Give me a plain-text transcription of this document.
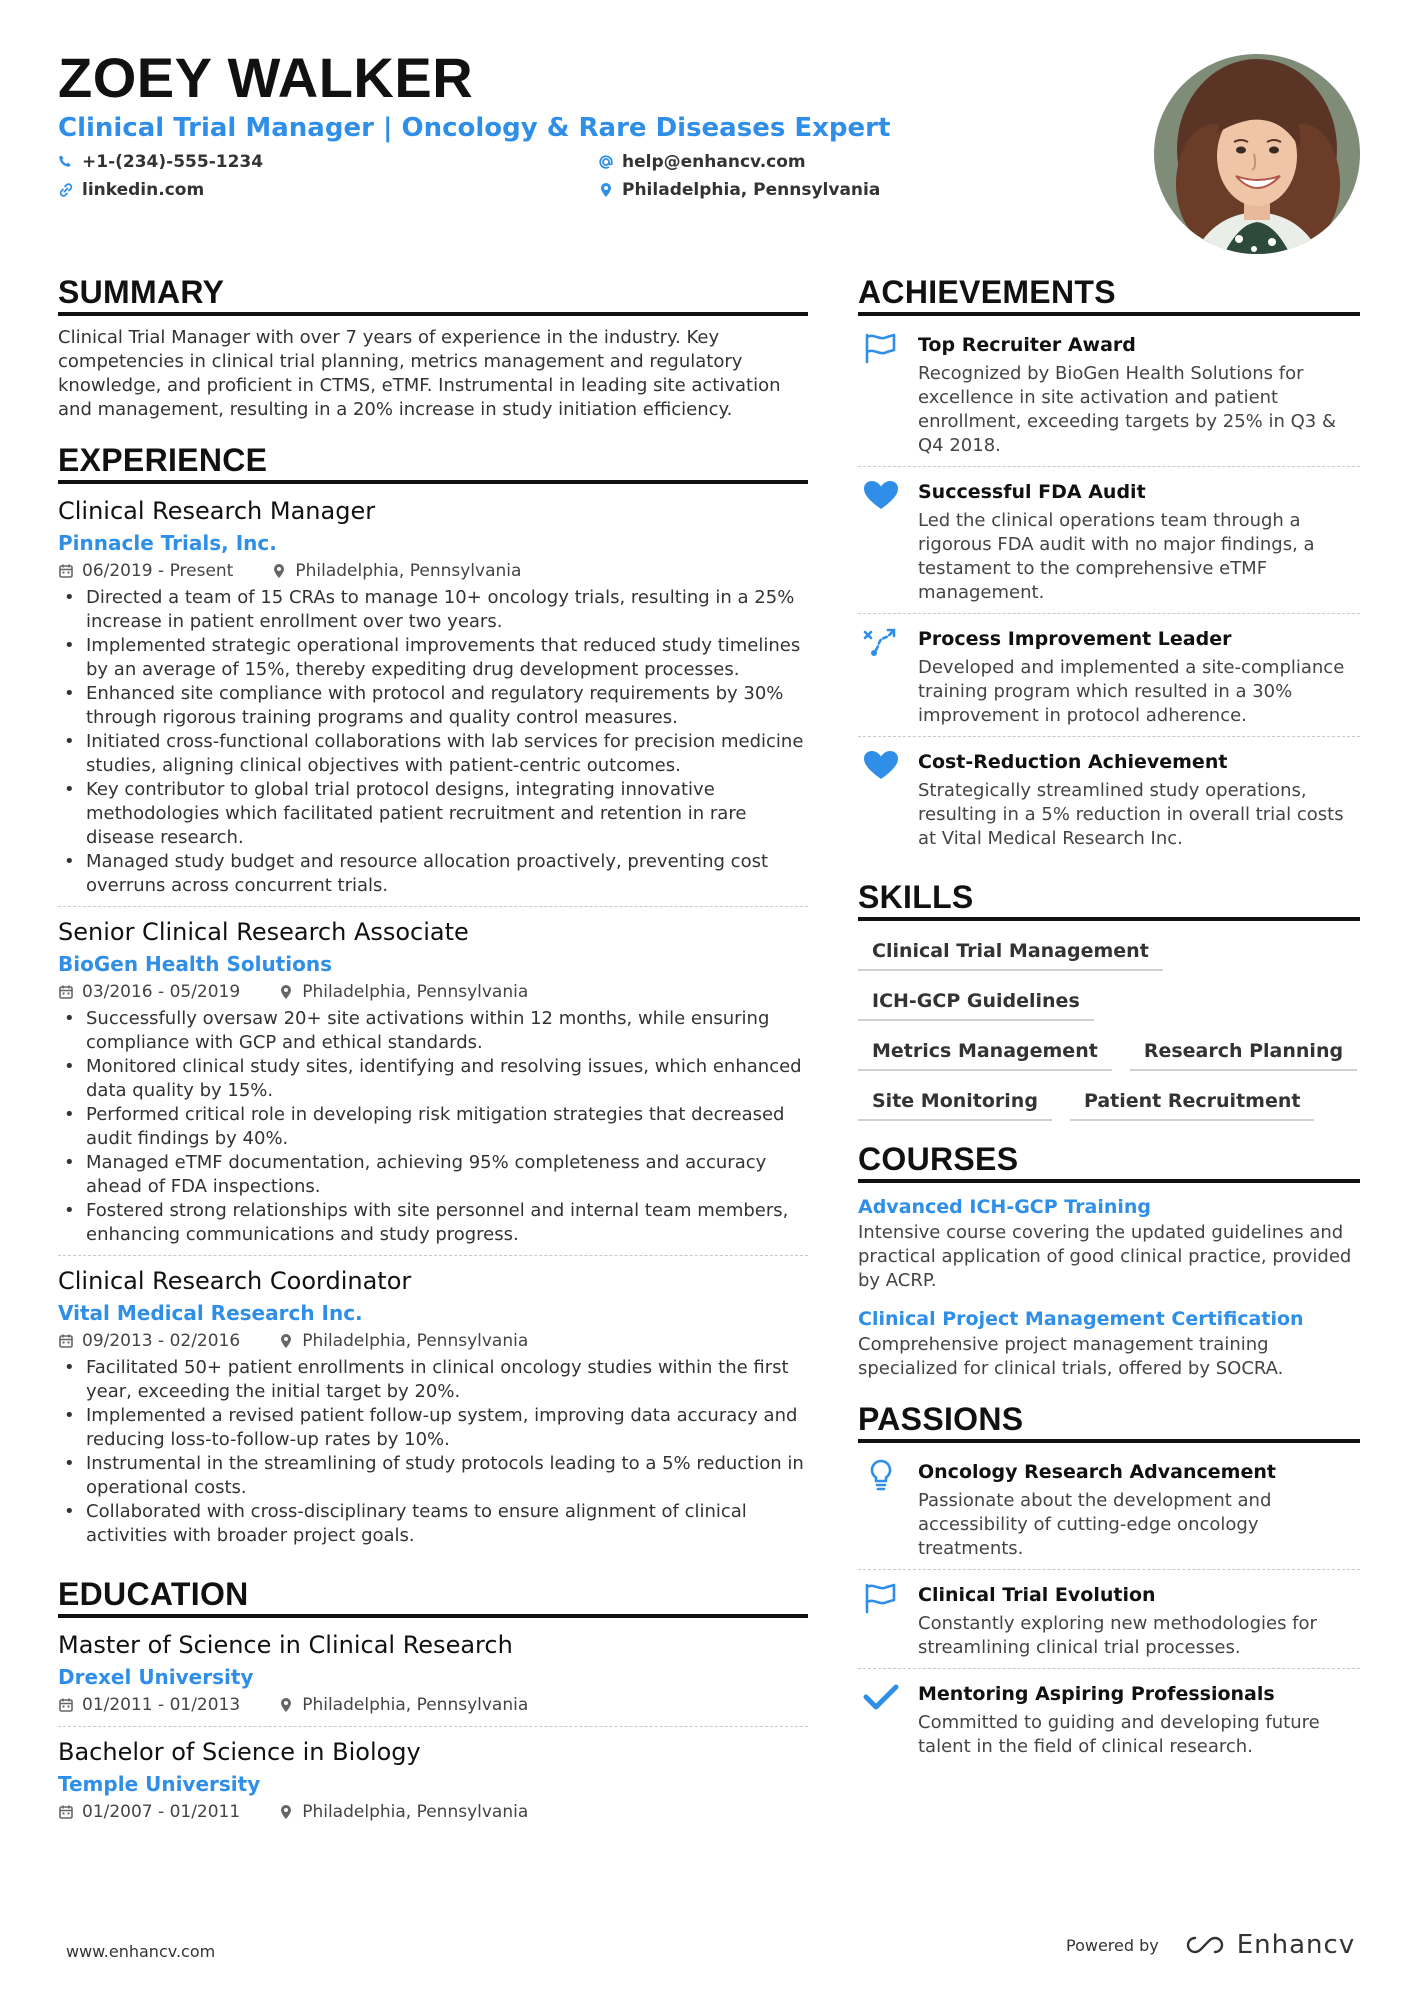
ZOEY WALKER
Clinical Trial Manager | Oncology & Rare Diseases Expert
+1-(234)-555-1234	help@enhancv.com
linkedin.com	Philadelphia, Pennsylvania
SUMMARY
Clinical Trial Manager with over 7 years of experience in the industry. Key competencies in clinical trial planning, metrics management and regulatory knowledge, and proficient in CTMS, eTMF. Instrumental in leading site activation and management, resulting in a 20% increase in study initiation efficiency.
EXPERIENCE
Clinical Research Manager
Pinnacle Trials, Inc.
06/2019 - Present	Philadelphia, Pennsylvania
• Directed a team of 15 CRAs to manage 10+ oncology trials, resulting in a 25% increase in patient enrollment over two years.
• Implemented strategic operational improvements that reduced study timelines by an average of 15%, thereby expediting drug development processes.
• Enhanced site compliance with protocol and regulatory requirements by 30% through rigorous training programs and quality control measures.
• Initiated cross-functional collaborations with lab services for precision medicine studies, aligning clinical objectives with patient-centric outcomes.
• Key contributor to global trial protocol designs, integrating innovative methodologies which facilitated patient recruitment and retention in rare disease research.
• Managed study budget and resource allocation proactively, preventing cost overruns across concurrent trials.
Senior Clinical Research Associate
BioGen Health Solutions
03/2016 - 05/2019	Philadelphia, Pennsylvania
• Successfully oversaw 20+ site activations within 12 months, while ensuring compliance with GCP and ethical standards.
• Monitored clinical study sites, identifying and resolving issues, which enhanced data quality by 15%.
• Performed critical role in developing risk mitigation strategies that decreased audit findings by 40%.
• Managed eTMF documentation, achieving 95% completeness and accuracy ahead of FDA inspections.
• Fostered strong relationships with site personnel and internal team members, enhancing communications and study progress.
Clinical Research Coordinator
Vital Medical Research Inc.
09/2013 - 02/2016	Philadelphia, Pennsylvania
• Facilitated 50+ patient enrollments in clinical oncology studies within the first year, exceeding the initial target by 20%.
• Implemented a revised patient follow-up system, improving data accuracy and reducing loss-to-follow-up rates by 10%.
• Instrumental in the streamlining of study protocols leading to a 5% reduction in operational costs.
• Collaborated with cross-disciplinary teams to ensure alignment of clinical activities with broader project goals.
EDUCATION
Master of Science in Clinical Research
Drexel University
01/2011 - 01/2013	Philadelphia, Pennsylvania
Bachelor of Science in Biology
Temple University
01/2007 - 01/2011	Philadelphia, Pennsylvania
ACHIEVEMENTS
Top Recruiter Award
Recognized by BioGen Health Solutions for excellence in site activation and patient enrollment, exceeding targets by 25% in Q3 & Q4 2018.
Successful FDA Audit
Led the clinical operations team through a rigorous FDA audit with no major findings, a testament to the comprehensive eTMF management.
Process Improvement Leader
Developed and implemented a site-compliance training program which resulted in a 30% improvement in protocol adherence.
Cost-Reduction Achievement
Strategically streamlined study operations, resulting in a 5% reduction in overall trial costs at Vital Medical Research Inc.
SKILLS
Clinical Trial Management
ICH-GCP Guidelines
Metrics Management	Research Planning
Site Monitoring	Patient Recruitment
COURSES
Advanced ICH-GCP Training
Intensive course covering the updated guidelines and practical application of good clinical practice, provided by ACRP.
Clinical Project Management Certification
Comprehensive project management training specialized for clinical trials, offered by SOCRA.
PASSIONS
Oncology Research Advancement
Passionate about the development and accessibility of cutting-edge oncology treatments.
Clinical Trial Evolution
Constantly exploring new methodologies for streamlining clinical trial processes.
Mentoring Aspiring Professionals
Committed to guiding and developing future talent in the field of clinical research.
www.enhancv.com	Powered by	Enhancv
